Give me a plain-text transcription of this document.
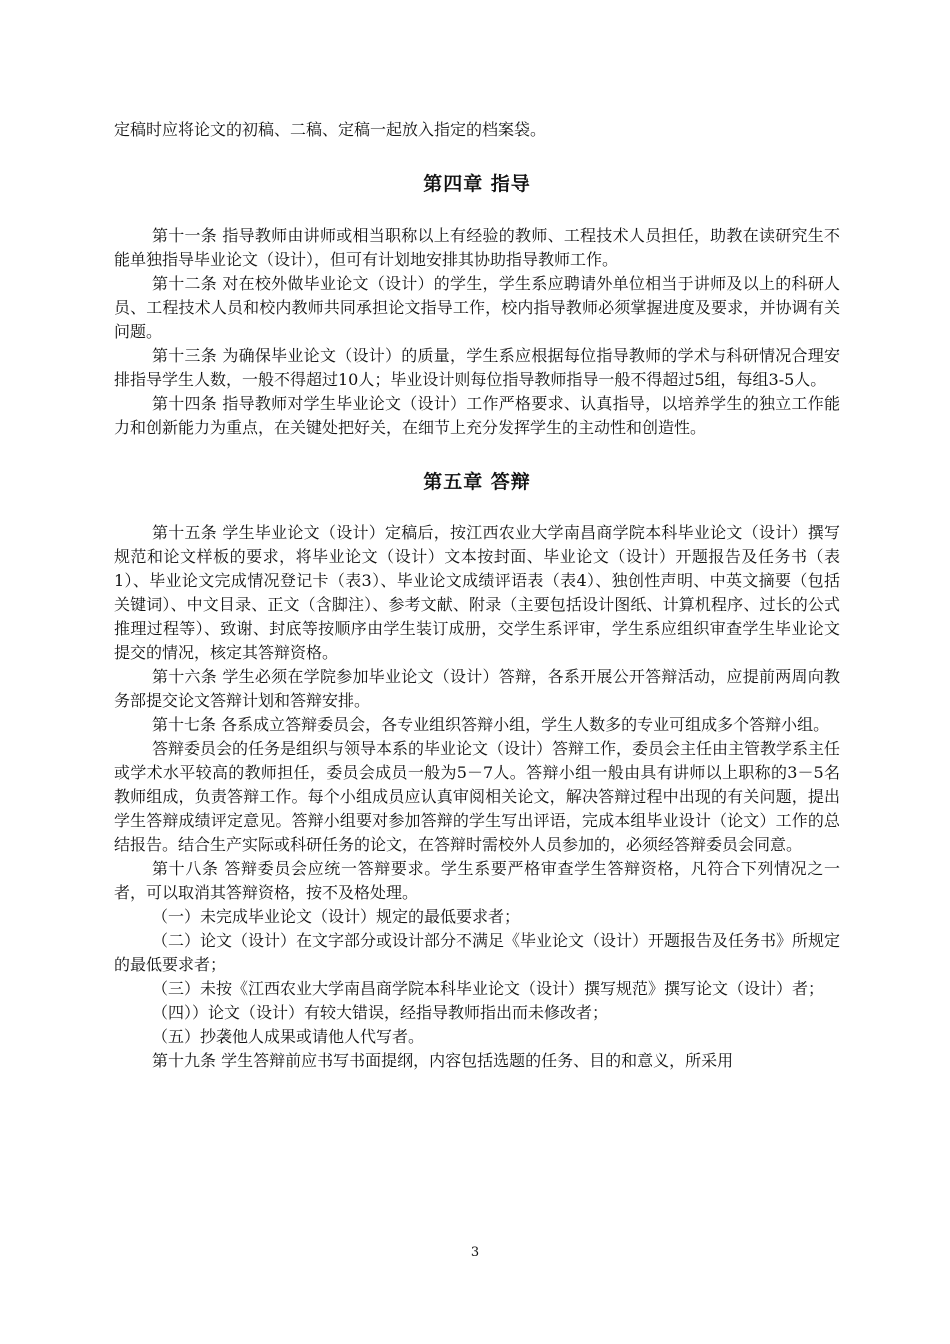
定稿时应将论文的初稿、二稿、定稿一起放入指定的档案袋。

第四章 指导

第十一条 指导教师由讲师或相当职称以上有经验的教师、工程技术人员担任，助教在读研究生不能单独指导毕业论文（设计），但可有计划地安排其协助指导教师工作。

第十二条 对在校外做毕业论文（设计）的学生，学生系应聘请外单位相当于讲师及以上的科研人员、工程技术人员和校内教师共同承担论文指导工作，校内指导教师必须掌握进度及要求，并协调有关问题。

第十三条 为确保毕业论文（设计）的质量，学生系应根据每位指导教师的学术与科研情况合理安排指导学生人数，一般不得超过10人；毕业设计则每位指导教师指导一般不得超过5组，每组3-5人。

第十四条 指导教师对学生毕业论文（设计）工作严格要求、认真指导，以培养学生的独立工作能力和创新能力为重点，在关键处把好关，在细节上充分发挥学生的主动性和创造性。

第五章 答辩

第十五条 学生毕业论文（设计）定稿后，按江西农业大学南昌商学院本科毕业论文（设计）撰写规范和论文样板的要求，将毕业论文（设计）文本按封面、毕业论文（设计）开题报告及任务书（表1）、毕业论文完成情况登记卡（表3）、毕业论文成绩评语表（表4）、独创性声明、中英文摘要（包括关键词）、中文目录、正文（含脚注）、参考文献、附录（主要包括设计图纸、计算机程序、过长的公式推理过程等）、致谢、封底等按顺序由学生装订成册，交学生系评审，学生系应组织审查学生毕业论文提交的情况，核定其答辩资格。

第十六条 学生必须在学院参加毕业论文（设计）答辩，各系开展公开答辩活动，应提前两周向教务部提交论文答辩计划和答辩安排。

第十七条 各系成立答辩委员会，各专业组织答辩小组，学生人数多的专业可组成多个答辩小组。

答辩委员会的任务是组织与领导本系的毕业论文（设计）答辩工作，委员会主任由主管教学系主任或学术水平较高的教师担任，委员会成员一般为5－7人。答辩小组一般由具有讲师以上职称的3－5名教师组成，负责答辩工作。每个小组成员应认真审阅相关论文，解决答辩过程中出现的有关问题，提出学生答辩成绩评定意见。答辩小组要对参加答辩的学生写出评语，完成本组毕业设计（论文）工作的总结报告。结合生产实际或科研任务的论文，在答辩时需校外人员参加的，必须经答辩委员会同意。

第十八条 答辩委员会应统一答辩要求。学生系要严格审查学生答辩资格，凡符合下列情况之一者，可以取消其答辩资格，按不及格处理。

（一）未完成毕业论文（设计）规定的最低要求者；

（二）论文（设计）在文字部分或设计部分不满足《毕业论文（设计）开题报告及任务书》所规定的最低要求者；

（三）未按《江西农业大学南昌商学院本科毕业论文（设计）撰写规范》撰写论文（设计）者；

（四））论文（设计）有较大错误，经指导教师指出而未修改者；

（五）抄袭他人成果或请他人代写者。

第十九条 学生答辩前应书写书面提纲，内容包括选题的任务、目的和意义，所采用

3
